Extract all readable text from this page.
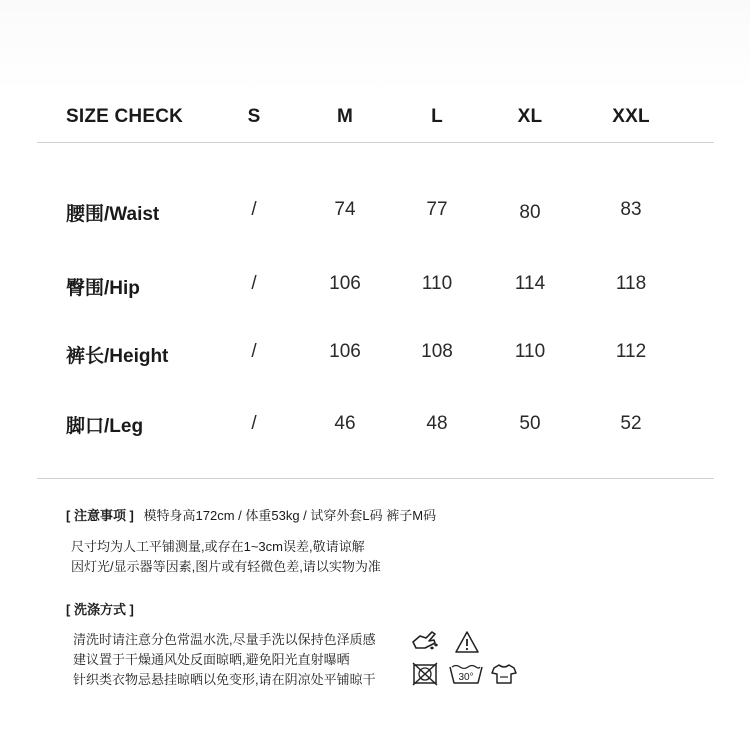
SIZE CHECK	S	M	L	XL	XXL
腰围/Waist	/	74	77	80	83
臀围/Hip	/	106	110	114	118
裤长/Height	/	106	108	110	112
脚口/Leg	/	46	48	50	52
[ 注意事项 ] 模特身高172cm / 体重53kg / 试穿外套L码 裤子M码
尺寸均为人工平铺测量,或存在1~3cm误差,敬请谅解
因灯光/显示器等因素,图片或有轻微色差,请以实物为准
[ 洗涤方式 ]
清洗时请注意分色常温水洗,尽量手洗以保持色泽质感
建议置于干燥通风处反面晾晒,避免阳光直射曝晒
针织类衣物忌悬挂晾晒以免变形,请在阴凉处平铺晾干	30°
